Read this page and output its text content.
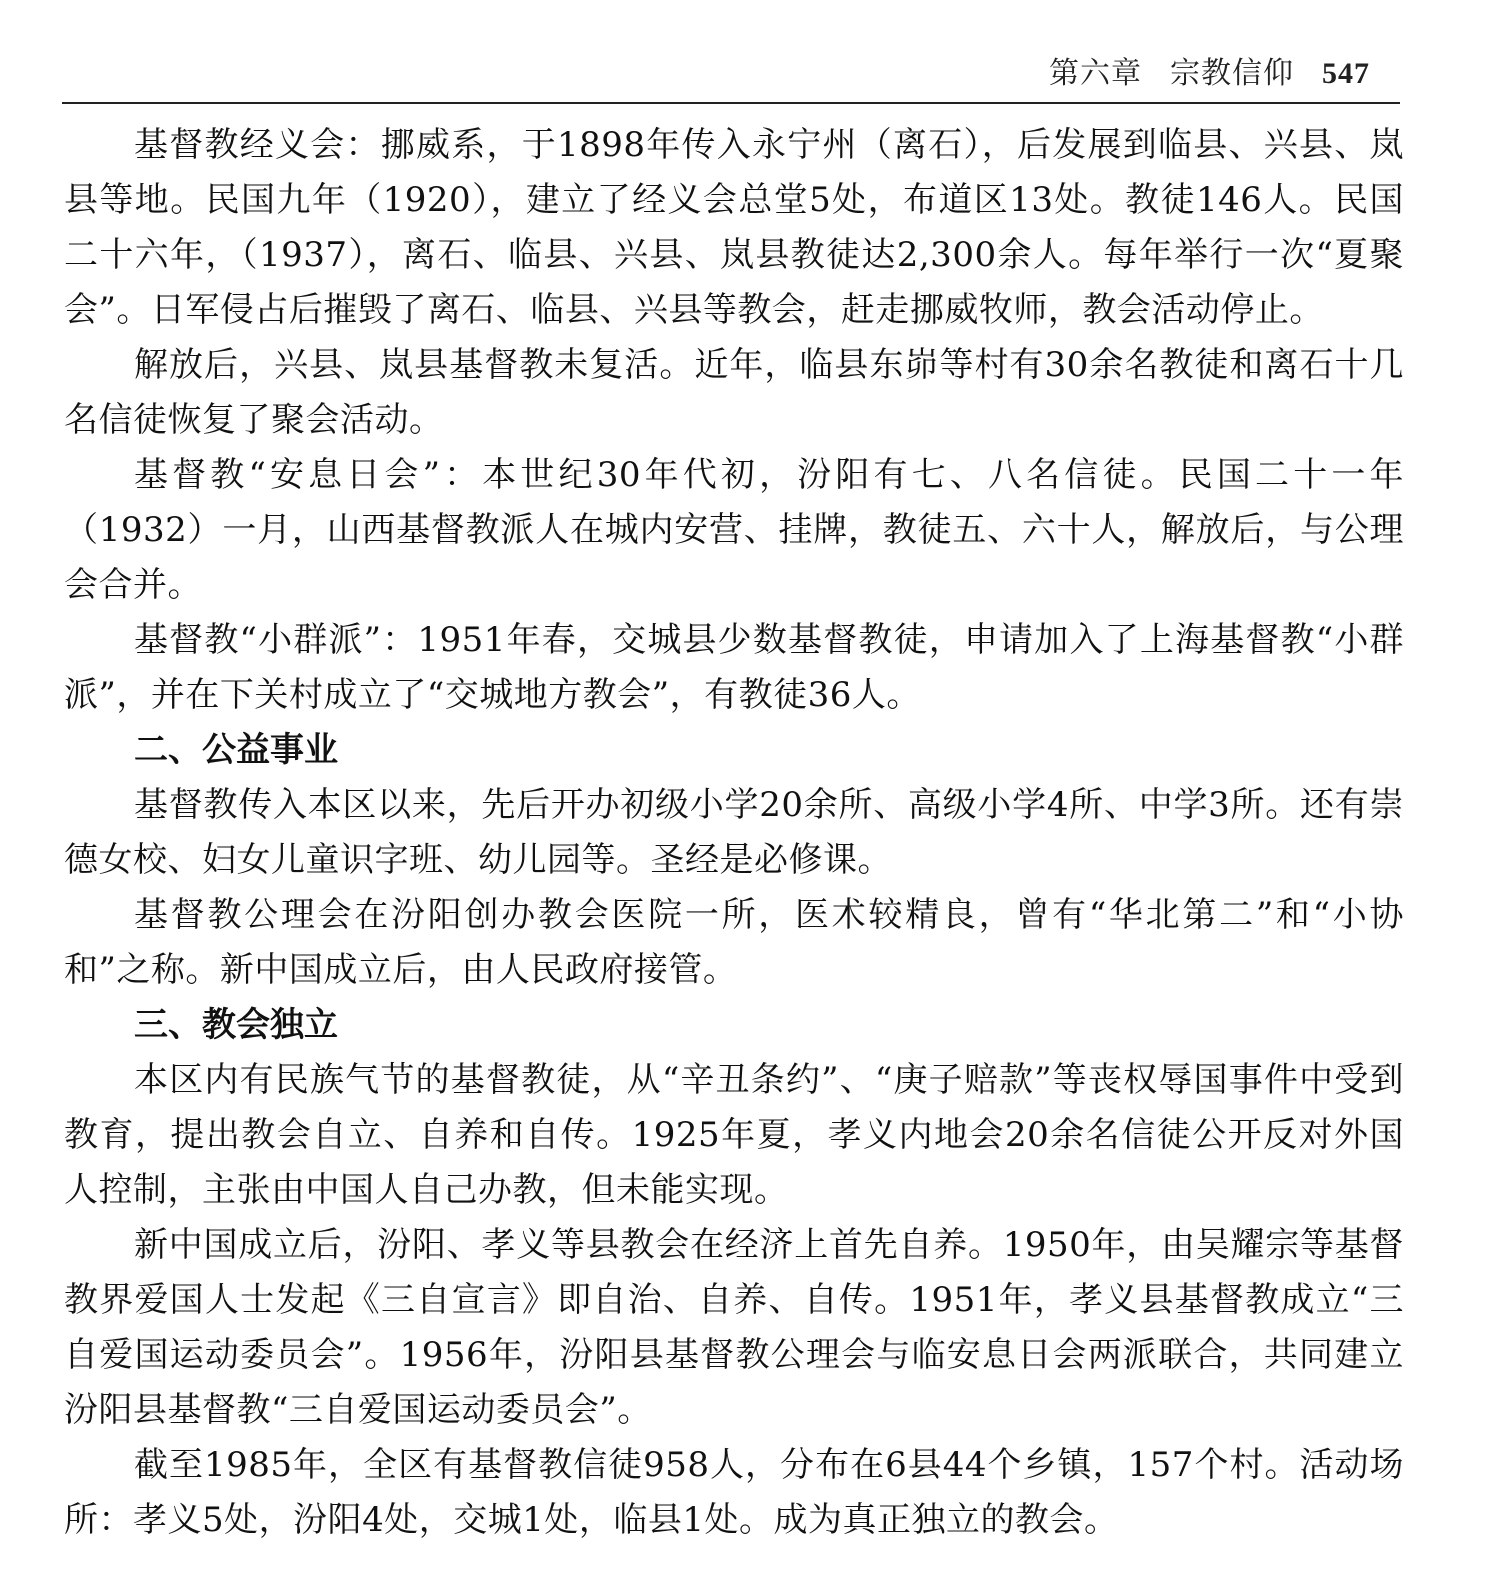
第六章 宗教信仰 547

基督教经义会：挪威系，于1898年传入永宁州（离石），后发展到临县、兴县、岚县等地。民国九年（1920），建立了经义会总堂5处，布道区13处。教徒146人。民国二十六年，（1937），离石、临县、兴县、岚县教徒达2,300余人。每年举行一次“夏聚会”。日军侵占后摧毁了离石、临县、兴县等教会，赶走挪威牧师，教会活动停止。

解放后，兴县、岚县基督教未复活。近年，临县东峁等村有30余名教徒和离石十几名信徒恢复了聚会活动。

基督教“安息日会”：本世纪30年代初，汾阳有七、八名信徒。民国二十一年（1932）一月，山西基督教派人在城内安营、挂牌，教徒五、六十人，解放后，与公理会合并。

基督教“小群派”：1951年春，交城县少数基督教徒，申请加入了上海基督教“小群派”，并在下关村成立了“交城地方教会”，有教徒36人。

二、公益事业

基督教传入本区以来，先后开办初级小学20余所、高级小学4所、中学3所。还有崇德女校、妇女儿童识字班、幼儿园等。圣经是必修课。

基督教公理会在汾阳创办教会医院一所，医术较精良，曾有“华北第二”和“小协和”之称。新中国成立后，由人民政府接管。

三、教会独立

本区内有民族气节的基督教徒，从“辛丑条约”、“庚子赔款”等丧权辱国事件中受到教育，提出教会自立、自养和自传。1925年夏，孝义内地会20余名信徒公开反对外国人控制，主张由中国人自己办教，但未能实现。

新中国成立后，汾阳、孝义等县教会在经济上首先自养。1950年，由吴耀宗等基督教界爱国人士发起《三自宣言》即自治、自养、自传。1951年，孝义县基督教成立“三自爱国运动委员会”。1956年，汾阳县基督教公理会与临安息日会两派联合，共同建立汾阳县基督教“三自爱国运动委员会”。

截至1985年，全区有基督教信徒958人，分布在6县44个乡镇，157个村。活动场所：孝义5处，汾阳4处，交城1处，临县1处。成为真正独立的教会。
